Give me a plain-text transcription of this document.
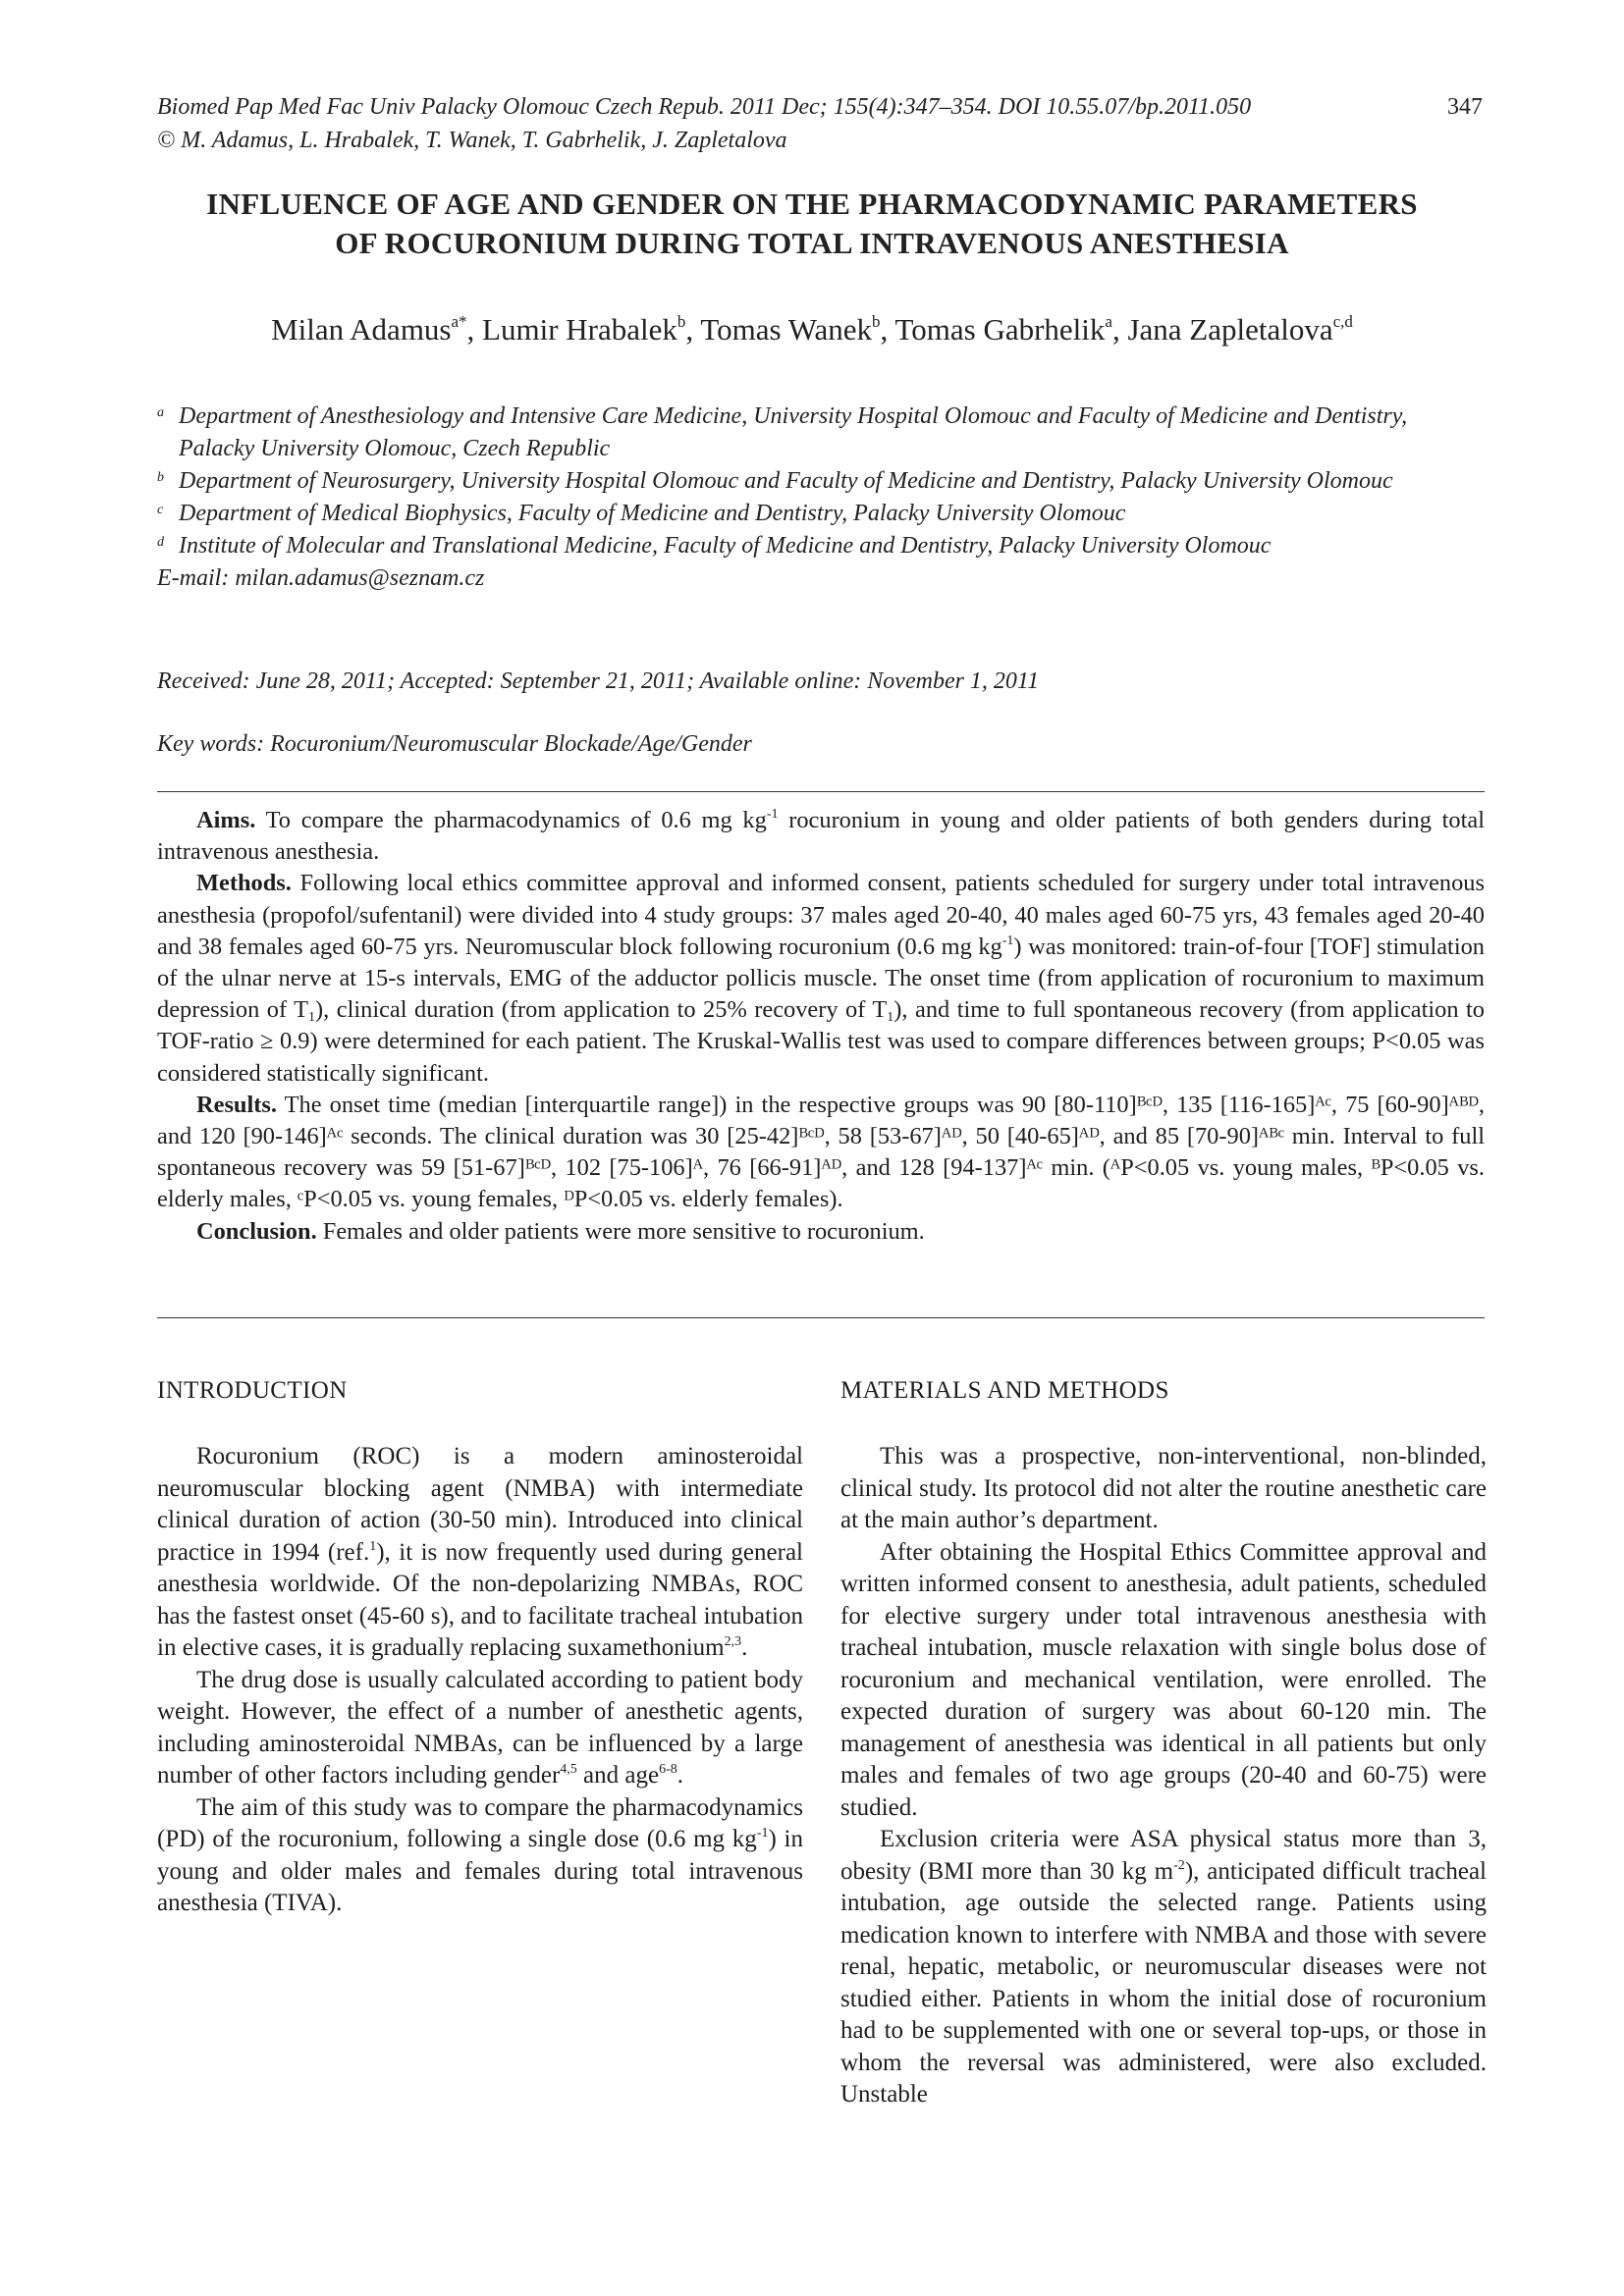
Biomed Pap Med Fac Univ Palacky Olomouc Czech Repub. 2011 Dec; 155(4):347–354. DOI 10.55.07/bp.2011.050	347
© M. Adamus, L. Hrabalek, T. Wanek, T. Gabrhelik, J. Zapletalova
INFLUENCE OF AGE AND GENDER ON THE PHARMACODYNAMIC PARAMETERS
OF ROCURONIUM DURING TOTAL INTRAVENOUS ANESTHESIA
Milan Adamus$^{a*}$, Lumir Hrabalek$^b$, Tomas Wanek$^b$, Tomas Gabrhelik$^a$, Jana Zapletalova$^{c,d}$
a Department of Anesthesiology and Intensive Care Medicine, University Hospital Olomouc and Faculty of Medicine and Dentistry, Palacky University Olomouc, Czech Republic
b Department of Neurosurgery, University Hospital Olomouc and Faculty of Medicine and Dentistry, Palacky University Olomouc
c Department of Medical Biophysics, Faculty of Medicine and Dentistry, Palacky University Olomouc
d Institute of Molecular and Translational Medicine, Faculty of Medicine and Dentistry, Palacky University Olomouc
E-mail: milan.adamus@seznam.cz
Received: June 28, 2011; Accepted: September 21, 2011; Available online: November 1, 2011
Key words: Rocuronium/Neuromuscular Blockade/Age/Gender

Aims. To compare the pharmacodynamics of 0.6 mg $kg^{-1}$ rocuronium in young and older patients of both genders during total intravenous anesthesia.

Methods. Following local ethics committee approval and informed consent, patients scheduled for surgery under total intravenous anesthesia (propofol/sufentanil) were divided into 4 study groups: 37 males aged 20-40, 40 males aged 60-75 yrs, 43 females aged 20-40 and 38 females aged 60-75 yrs. Neuromuscular block following rocuronium (0.6 mg $kg^{-1}$) was monitored: train-of-four [TOF] stimulation of the ulnar nerve at 15-s intervals, EMG of the adductor pollicis muscle. The onset time (from application of rocuronium to maximum depression of $T_1$), clinical duration (from application to 25% recovery of $T_1$), and time to full spontaneous recovery (from application to TOF-ratio ≥ 0.9) were determined for each patient. The Kruskal-Wallis test was used to compare differences between groups; P<0.05 was considered statistically significant.

Results. The onset time (median [interquartile range]) in the respective groups was 90 [80-110]ᴮᶜᴰ, 135 [116-165]ᴬᶜ, 75 [60-90]ᴬᴮᴰ, and 120 [90-146]ᴬᶜ seconds. The clinical duration was 30 [25-42]ᴮᶜᴰ, 58 [53-67]ᴬᴰ, 50 [40-65]ᴬᴰ, and 85 [70-90]ᴬᴮᶜ min. Interval to full spontaneous recovery was 59 [51-67]ᴮᶜᴰ, 102 [75-106]ᴬ, 76 [66-91]ᴬᴰ, and 128 [94-137]ᴬᶜ min. (ᴬP<0.05 vs. young males, ᴮP<0.05 vs. elderly males, ᶜP<0.05 vs. young females, ᴰP<0.05 vs. elderly females).

Conclusion. Females and older patients were more sensitive to rocuronium.

INTRODUCTION

Rocuronium (ROC) is a modern aminosteroidal neuromuscular blocking agent (NMBA) with intermediate clinical duration of action (30-50 min). Introduced into clinical practice in 1994 (ref.$^1$), it is now frequently used during general anesthesia worldwide. Of the non-depolarizing NMBAs, ROC has the fastest onset (45-60 s), and to facilitate tracheal intubation in elective cases, it is gradually replacing suxamethonium$^{2,3}$.

The drug dose is usually calculated according to patient body weight. However, the effect of a number of anesthetic agents, including aminosteroidal NMBAs, can be influenced by a large number of other factors including gender$^{4,5}$ and age$^{6-8}$.

The aim of this study was to compare the pharmacodynamics (PD) of the rocuronium, following a single dose (0.6 mg $kg^{-1}$) in young and older males and females during total intravenous anesthesia (TIVA).

MATERIALS AND METHODS

This was a prospective, non-interventional, non-blinded, clinical study. Its protocol did not alter the routine anesthetic care at the main author’s department.

After obtaining the Hospital Ethics Committee approval and written informed consent to anesthesia, adult patients, scheduled for elective surgery under total intravenous anesthesia with tracheal intubation, muscle relaxation with single bolus dose of rocuronium and mechanical ventilation, were enrolled. The expected duration of surgery was about 60-120 min. The management of anesthesia was identical in all patients but only males and females of two age groups (20-40 and 60-75) were studied.

Exclusion criteria were ASA physical status more than 3, obesity (BMI more than 30 kg $m^{-2}$), anticipated difficult tracheal intubation, age outside the selected range. Patients using medication known to interfere with NMBA and those with severe renal, hepatic, metabolic, or neuromuscular diseases were not studied either. Patients in whom the initial dose of rocuronium had to be supplemented with one or several top-ups, or those in whom the reversal was administered, were also excluded. Unstable
